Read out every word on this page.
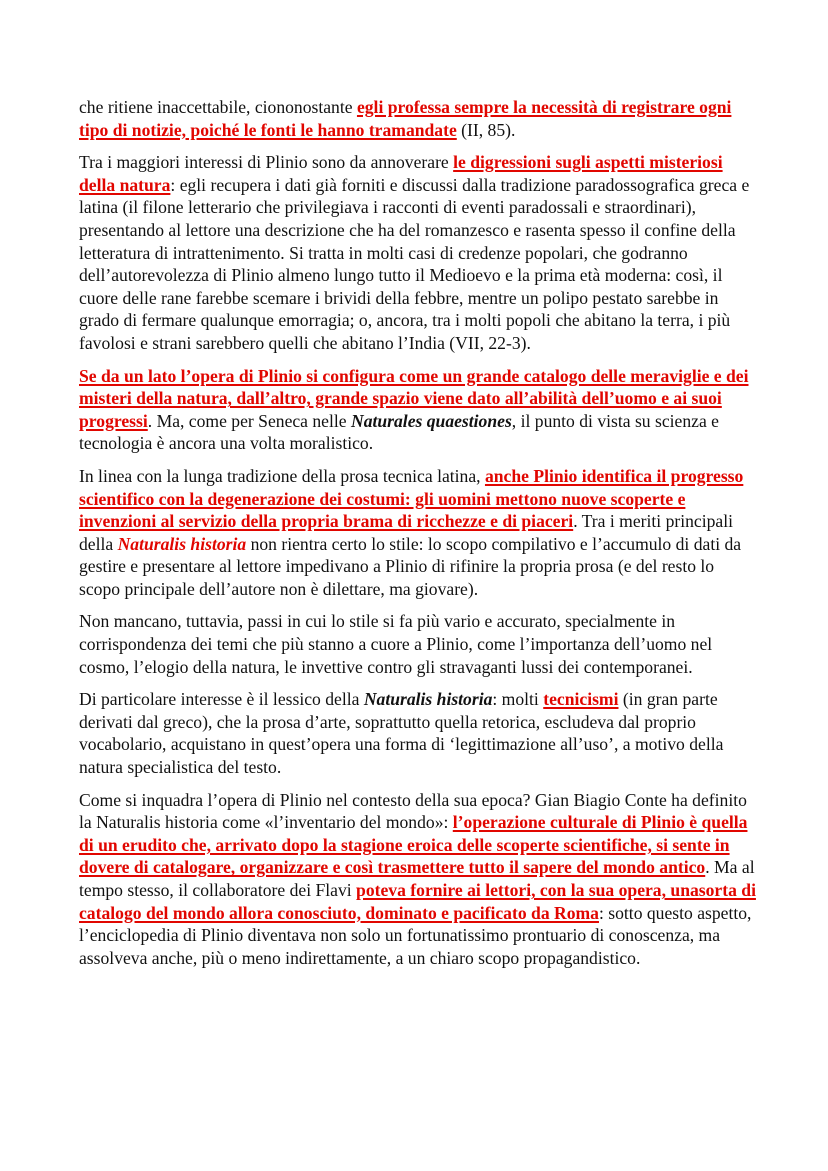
che ritiene inaccettabile, ciononostante egli professa sempre la necessità di registrare ogni tipo di notizie, poiché le fonti le hanno tramandate (II, 85).

Tra i maggiori interessi di Plinio sono da annoverare le digressioni sugli aspetti misteriosi della natura: egli recupera i dati già forniti e discussi dalla tradizione paradossografica greca e latina (il filone letterario che privilegiava i racconti di eventi paradossali e straordinari), presentando al lettore una descrizione che ha del romanzesco e rasenta spesso il confine della letteratura di intrattenimento. Si tratta in molti casi di credenze popolari, che godranno dell’autorevolezza di Plinio almeno lungo tutto il Medioevo e la prima età moderna: così, il cuore delle rane farebbe scemare i brividi della febbre, mentre un polipo pestato sarebbe in grado di fermare qualunque emorragia; o, ancora, tra i molti popoli che abitano la terra, i più favolosi e strani sarebbero quelli che abitano l’India (VII, 22-3).

Se da un lato l’opera di Plinio si configura come un grande catalogo delle meraviglie e dei misteri della natura, dall’altro, grande spazio viene dato all’abilità dell’uomo e ai suoi progressi. Ma, come per Seneca nelle Naturales quaestiones, il punto di vista su scienza e tecnologia è ancora una volta moralistico.

In linea con la lunga tradizione della prosa tecnica latina, anche Plinio identifica il progresso scientifico con la degenerazione dei costumi: gli uomini mettono nuove scoperte e invenzioni al servizio della propria brama di ricchezze e di piaceri. Tra i meriti principali della Naturalis historia non rientra certo lo stile: lo scopo compilativo e l’accumulo di dati da gestire e presentare al lettore impedivano a Plinio di rifinire la propria prosa (e del resto lo scopo principale dell’autore non è dilettare, ma giovare).

Non mancano, tuttavia, passi in cui lo stile si fa più vario e accurato, specialmente in corrispondenza dei temi che più stanno a cuore a Plinio, come l’importanza dell’uomo nel cosmo, l’elogio della natura, le invettive contro gli stravaganti lussi dei contemporanei.

Di particolare interesse è il lessico della Naturalis historia: molti tecnicismi (in gran parte derivati dal greco), che la prosa d’arte, soprattutto quella retorica, escludeva dal proprio vocabolario, acquistano in quest’opera una forma di ‘legittimazione all’uso’, a motivo della natura specialistica del testo.

Come si inquadra l’opera di Plinio nel contesto della sua epoca? Gian Biagio Conte ha definito la Naturalis historia come «l’inventario del mondo»: l’operazione culturale di Plinio è quella di un erudito che, arrivato dopo la stagione eroica delle scoperte scientifiche, si sente in dovere di catalogare, organizzare e così trasmettere tutto il sapere del mondo antico. Ma al tempo stesso, il collaboratore dei Flavi poteva fornire ai lettori, con la sua opera, unasorta di catalogo del mondo allora conosciuto, dominato e pacificato da Roma: sotto questo aspetto, l’enciclopedia di Plinio diventava non solo un fortunatissimo prontuario di conoscenza, ma assolveva anche, più o meno indirettamente, a un chiaro scopo propagandistico.
